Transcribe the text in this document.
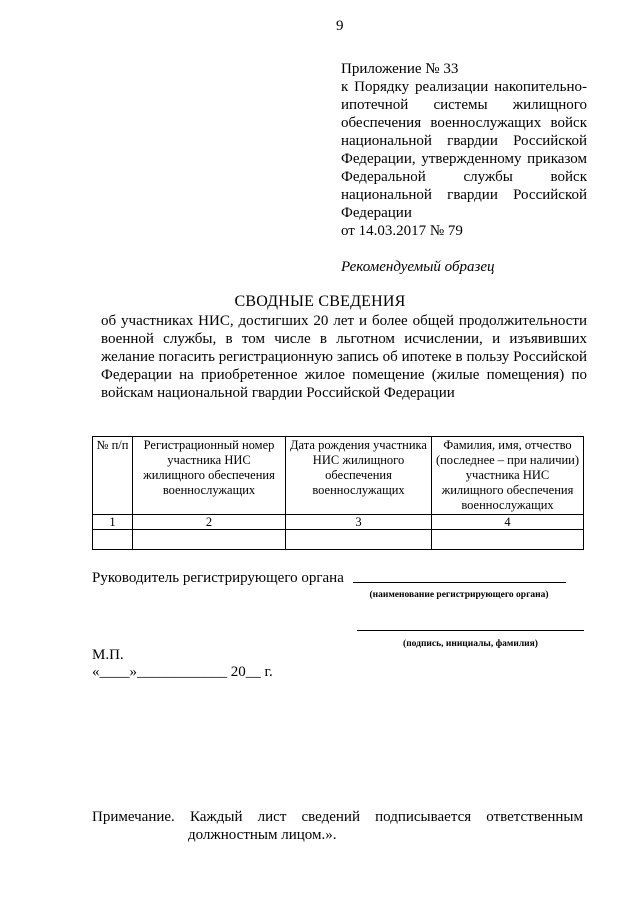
9
Приложение № 33
к Порядку реализации накопительно-ипотечной системы жилищного обеспечения военнослужащих войск национальной гвардии Российской Федерации, утвержденному приказом Федеральной службы войск национальной гвардии Российской Федерации
от 14.03.2017 № 79
Рекомендуемый образец
СВОДНЫЕ СВЕДЕНИЯ
об участниках НИС, достигших 20 лет и более общей продолжительности военной службы, в том числе в льготном исчислении, и изъявивших желание погасить регистрационную запись об ипотеке в пользу Российской Федерации на приобретенное жилое помещение (жилые помещения) по войскам национальной гвардии Российской Федерации
№ п/п	Регистрационный номер участника НИС жилищного обеспечения военнослужащих	Дата рождения участника НИС жилищного обеспечения военнослужащих	Фамилия, имя, отчество (последнее – при наличии) участника НИС жилищного обеспечения военнослужащих
1	2	3	4

Руководитель регистрирующего органа
(наименование регистрирующего органа)
(подпись, инициалы, фамилия)
М.П.
«____»____________ 20__ г.
Примечание. Каждый лист сведений подписывается ответственным
должностным лицом.».
